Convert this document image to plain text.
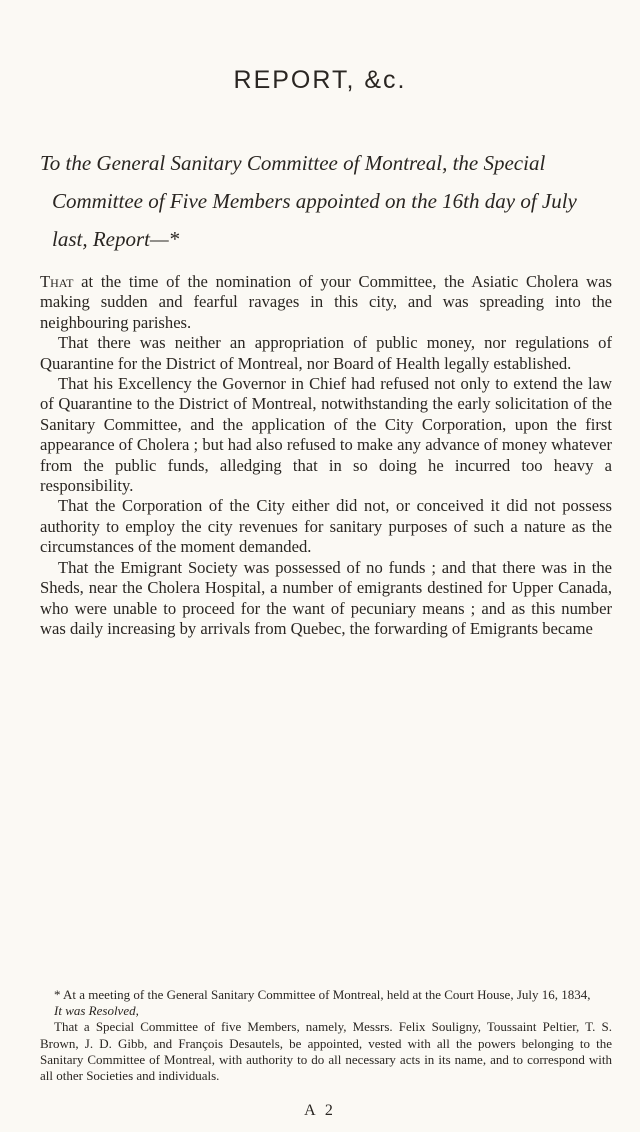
REPORT, &c.
To the General Sanitary Committee of Montreal, the Special Committee of Five Members appointed on the 16th day of July last, Report—*

That at the time of the nomination of your Committee, the Asiatic Cholera was making sudden and fearful ravages in this city, and was spreading into the neighbouring parishes.

That there was neither an appropriation of public money, nor regulations of Quarantine for the District of Montreal, nor Board of Health legally established.

That his Excellency the Governor in Chief had refused not only to extend the law of Quarantine to the District of Montreal, notwithstanding the early solicitation of the Sanitary Committee, and the application of the City Corporation, upon the first appearance of Cholera ; but had also refused to make any advance of money whatever from the public funds, alledging that in so doing he incurred too heavy a responsibility.

That the Corporation of the City either did not, or conceived it did not possess authority to employ the city revenues for sanitary purposes of such a nature as the circumstances of the moment demanded.

That the Emigrant Society was possessed of no funds ; and that there was in the Sheds, near the Cholera Hospital, a number of emigrants destined for Upper Canada, who were unable to proceed for the want of pecuniary means ; and as this number was daily increasing by arrivals from Quebec, the forwarding of Emigrants became

* At a meeting of the General Sanitary Committee of Montreal, held at the Court House, July 16, 1834,

It was Resolved,

That a Special Committee of five Members, namely, Messrs. Felix Souligny, Toussaint Peltier, T. S. Brown, J. D. Gibb, and François Desautels, be appointed, vested with all the powers belonging to the Sanitary Committee of Montreal, with authority to do all necessary acts in its name, and to correspond with all other Societies and individuals.

A 2
